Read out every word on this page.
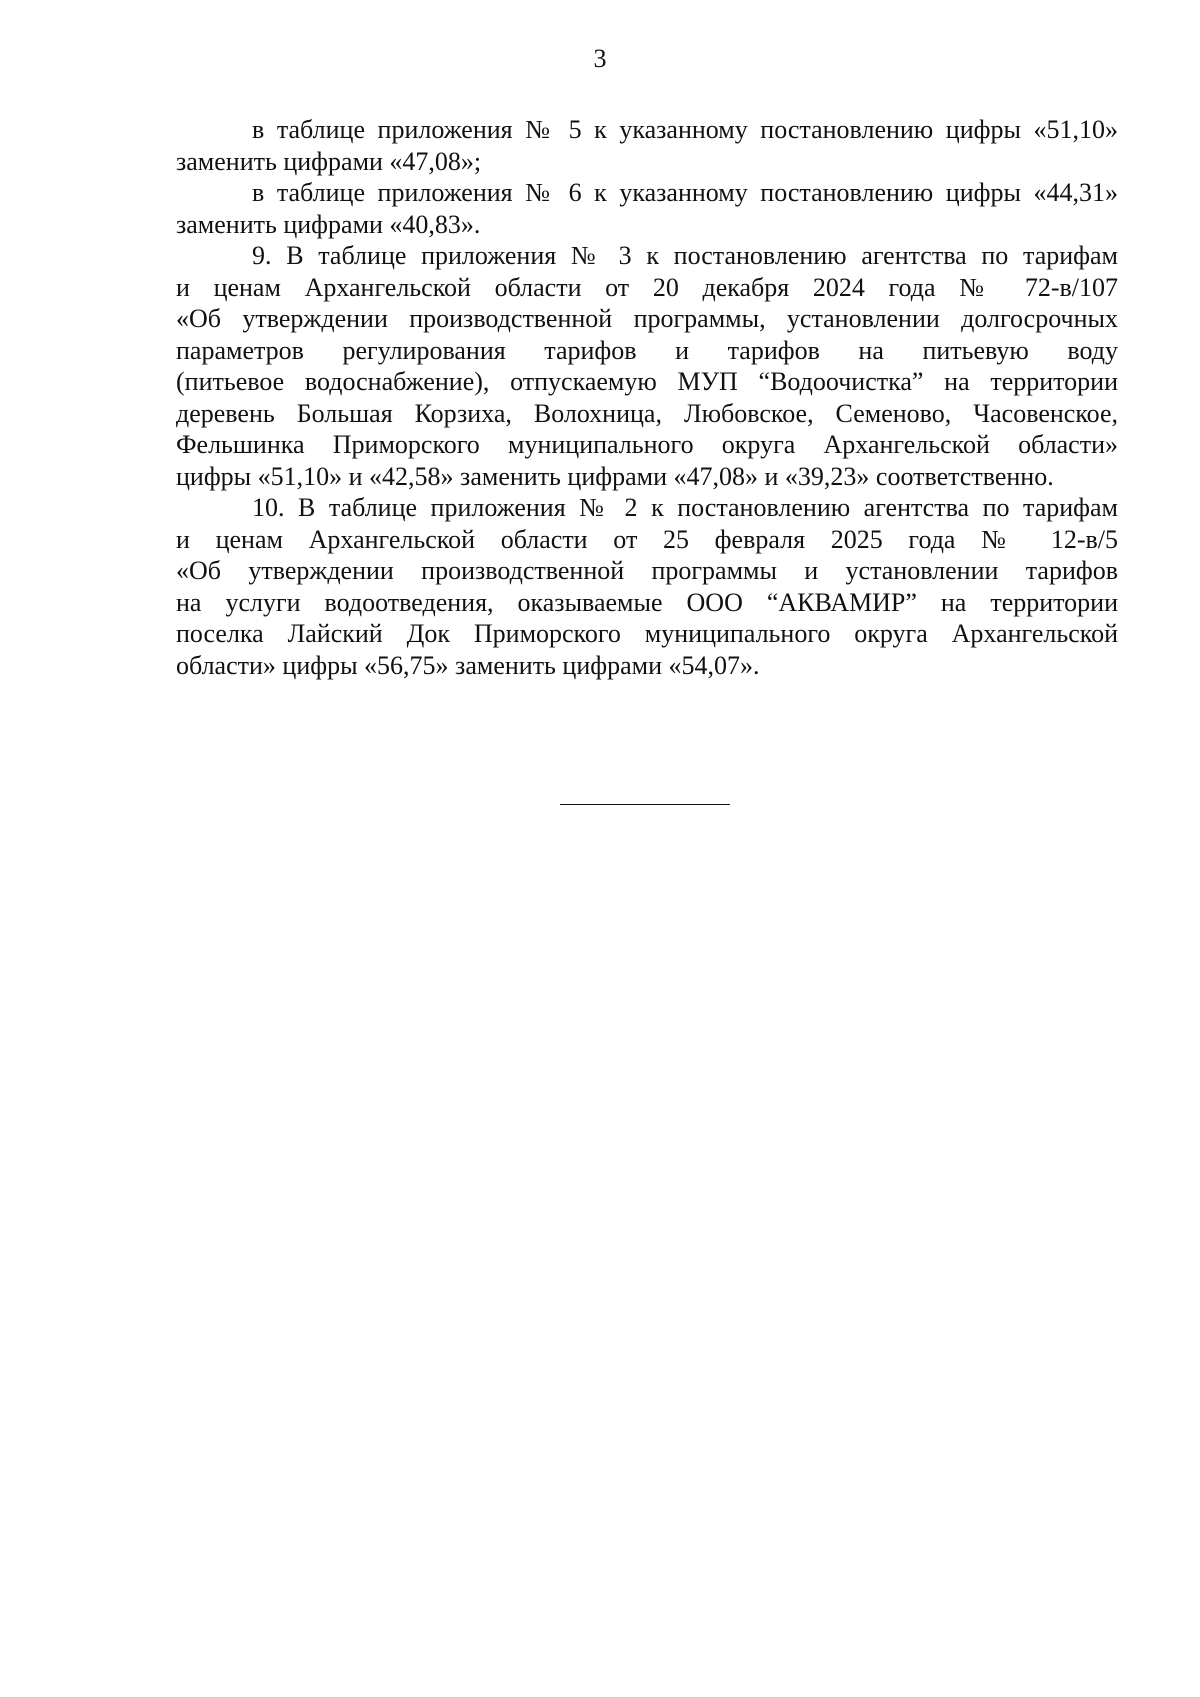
3
в таблице приложения № 5 к указанному постановлению цифры «51,10»
заменить цифрами «47,08»;
в таблице приложения № 6 к указанному постановлению цифры «44,31»
заменить цифрами «40,83».
9. В таблице приложения № 3 к постановлению агентства по тарифам
и ценам Архангельской области от 20 декабря 2024 года № 72-в/107
«Об утверждении производственной программы, установлении долгосрочных
параметров регулирования тарифов и тарифов на питьевую воду
(питьевое водоснабжение), отпускаемую МУП “Водоочистка” на территории
деревень Большая Корзиха, Волохница, Любовское, Семеново, Часовенское,
Фельшинка Приморского муниципального округа Архангельской области»
цифры «51,10» и «42,58» заменить цифрами «47,08» и «39,23» соответственно.
10. В таблице приложения № 2 к постановлению агентства по тарифам
и ценам Архангельской области от 25 февраля 2025 года № 12-в/5
«Об утверждении производственной программы и установлении тарифов
на услуги водоотведения, оказываемые ООО “АКВАМИР” на территории
поселка Лайский Док Приморского муниципального округа Архангельской
области» цифры «56,75» заменить цифрами «54,07».
